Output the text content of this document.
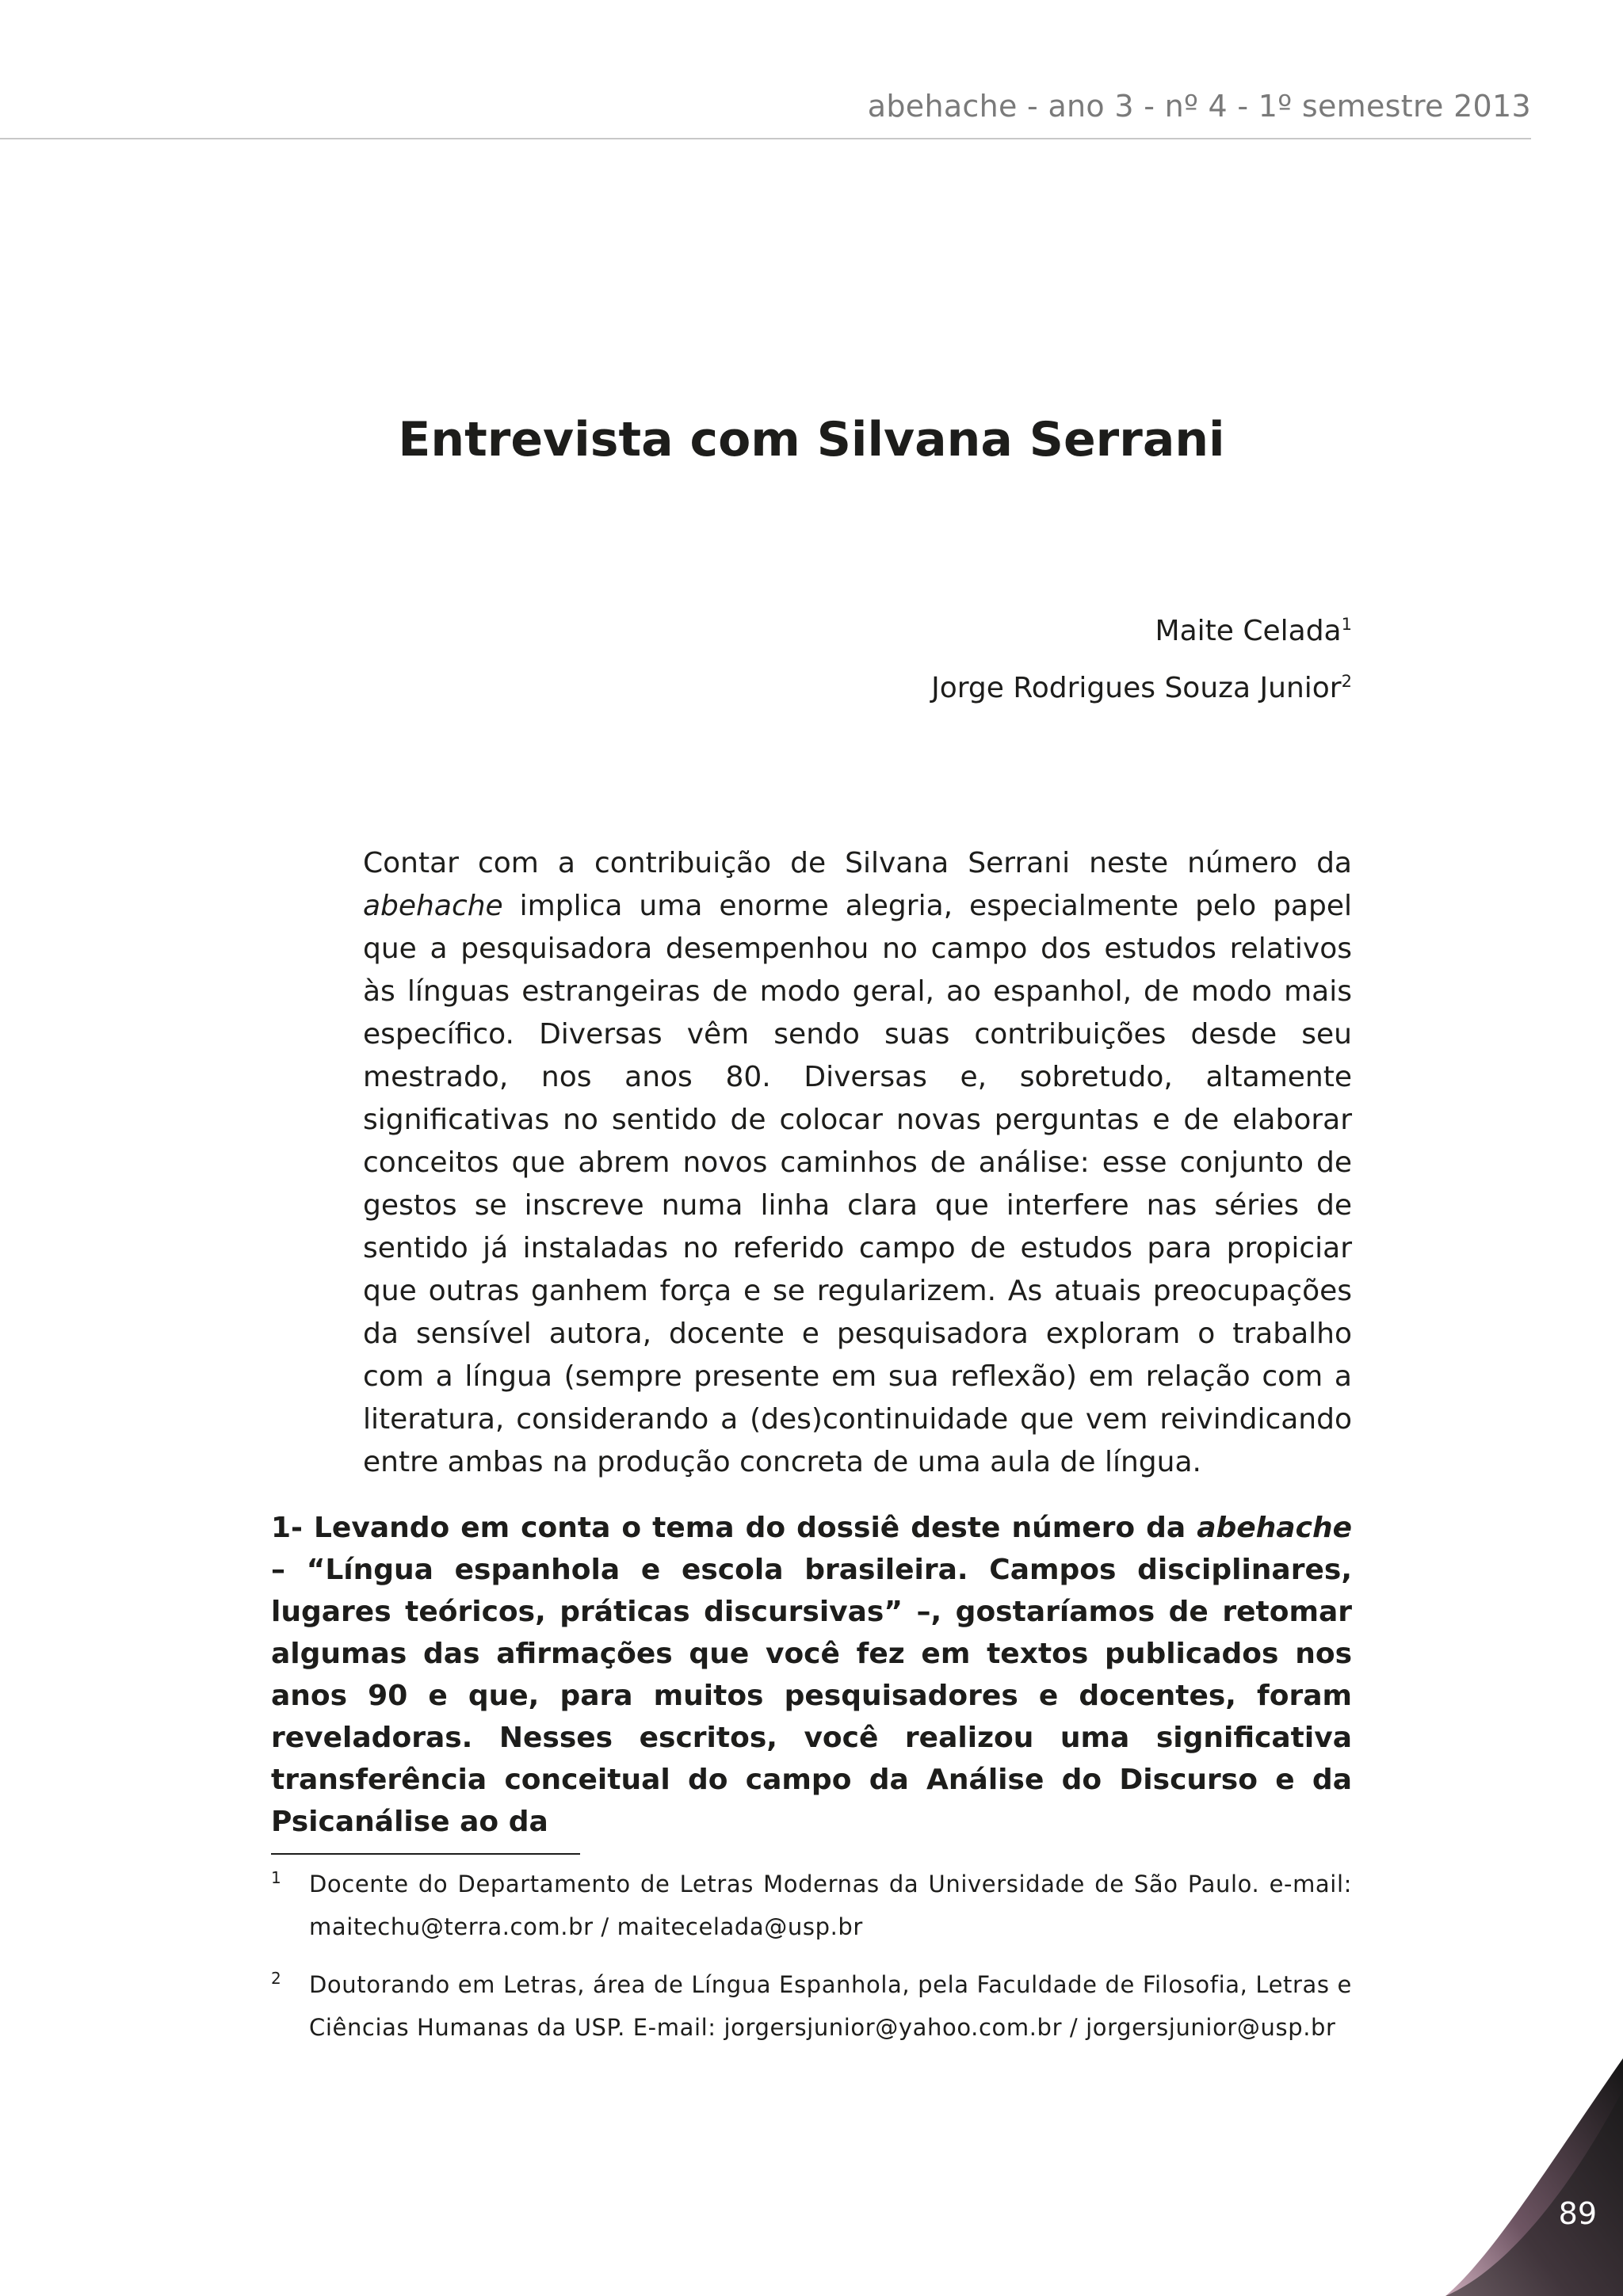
abehache - ano 3 - nº 4 - 1º semestre 2013
Entrevista com Silvana Serrani
Maite Celada$^1$
Jorge Rodrigues Souza Junior$^2$

Contar com a contribuição de Silvana Serrani neste número da abehache implica uma enorme alegria, especialmente pelo papel que a pesquisadora desempenhou no campo dos estudos relativos às línguas estrangeiras de modo geral, ao espanhol, de modo mais específico. Diversas vêm sendo suas contribuições desde seu mestrado, nos anos 80. Diversas e, sobretudo, altamente significativas no sentido de colocar novas perguntas e de elaborar conceitos que abrem novos caminhos de análise: esse conjunto de gestos se inscreve numa linha clara que interfere nas séries de sentido já instaladas no referido campo de estudos para propiciar que outras ganhem força e se regularizem. As atuais preocupações da sensível autora, docente e pesquisadora exploram o trabalho com a língua (sempre presente em sua reflexão) em relação com a literatura, considerando a (des)continuidade que vem reivindicando entre ambas na produção concreta de uma aula de língua.

1- Levando em conta o tema do dossiê deste número da abehache – “Língua espanhola e escola brasileira. Campos disciplinares, lugares teóricos, práticas discursivas” –, gostaríamos de retomar algumas das afirmações que você fez em textos publicados nos anos 90 e que, para muitos pesquisadores e docentes, foram reveladoras. Nesses escritos, você realizou uma significativa transferência conceitual do campo da Análise do Discurso e da Psicanálise ao da

1 Docente do Departamento de Letras Modernas da Universidade de São Paulo. e-mail: maitechu@terra.com.br / maitecelada@usp.br
2 Doutorando em Letras, área de Língua Espanhola, pela Faculdade de Filosofia, Letras e Ciências Humanas da USP. E-mail: jorgersjunior@yahoo.com.br / jorgersjunior@usp.br
89
